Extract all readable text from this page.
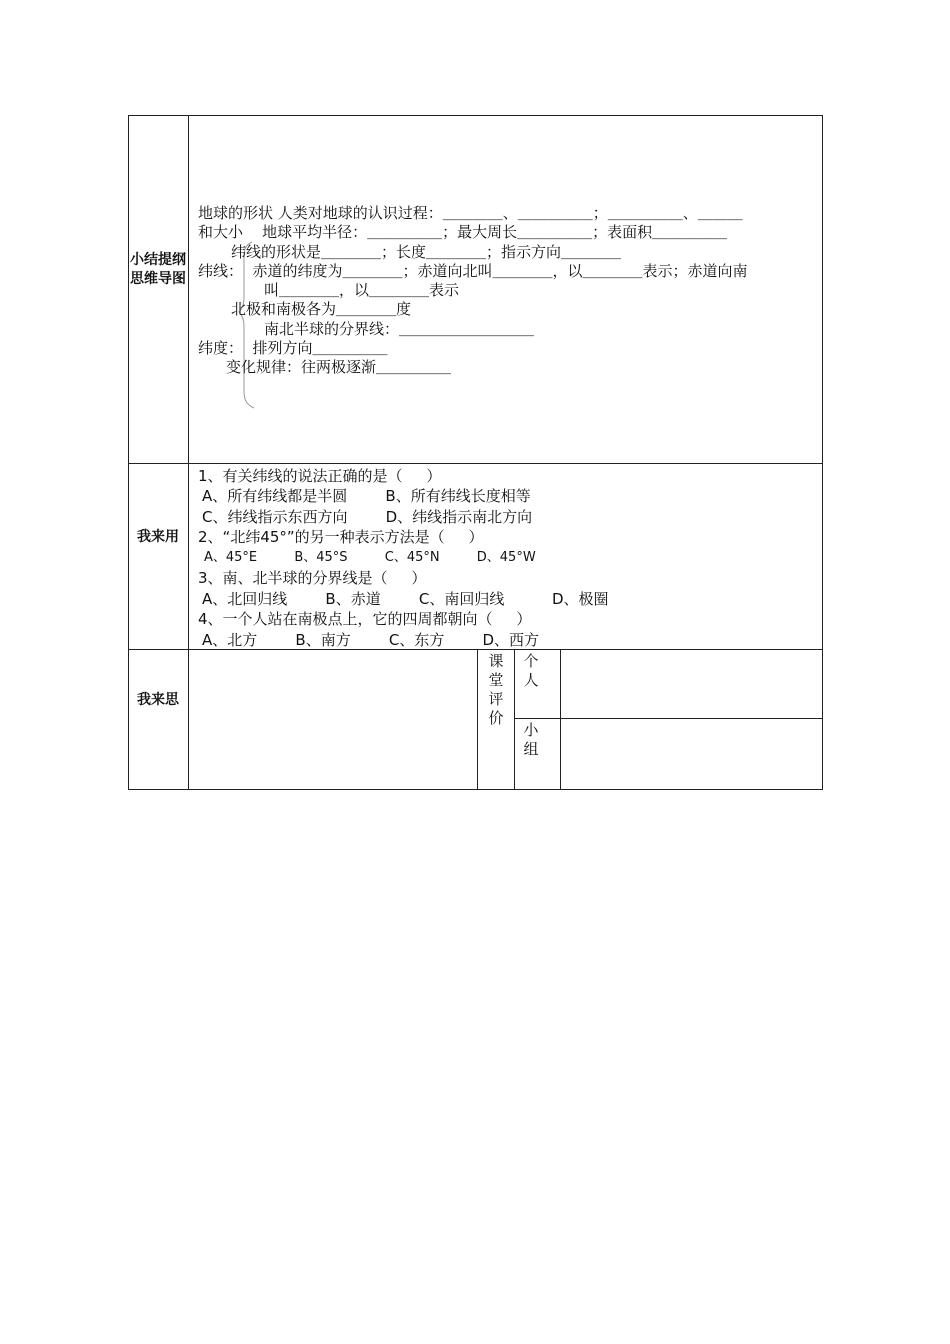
小结提纲思维导图
地球的形状 人类对地球的认识过程：＿＿＿＿、＿＿＿＿＿；＿＿＿＿＿、＿＿＿
和大小    地球平均半径：＿＿＿＿＿；最大周长＿＿＿＿＿；表面积＿＿＿＿＿
纬线的形状是＿＿＿＿；长度＿＿＿＿；指示方向＿＿＿＿
纬线：  赤道的纬度为＿＿＿＿；赤道向北叫＿＿＿＿，以＿＿＿＿表示；赤道向南
叫＿＿＿＿，以＿＿＿＿表示
北极和南极各为＿＿＿＿度
南北半球的分界线：＿＿＿＿＿＿＿＿＿
纬度：  排列方向＿＿＿＿＿
变化规律：往两极逐渐＿＿＿＿＿
我来用
1、有关纬线的说法正确的是（     ）
A、所有纬线都是半圆        B、所有纬线长度相等
C、纬线指示东西方向        D、纬线指示南北方向
2、“北纬45°”的另一种表示方法是（     ）
A、45°E         B、45°S         C、45°N         D、45°W
3、南、北半球的分界线是（     ）
A、北回归线        B、赤道        C、南回归线          D、极圈
4、一个人站在南极点上，它的四周都朝向（     ）
A、北方        B、南方        C、东方        D、西方
我来思
课堂评价
个人
小组
